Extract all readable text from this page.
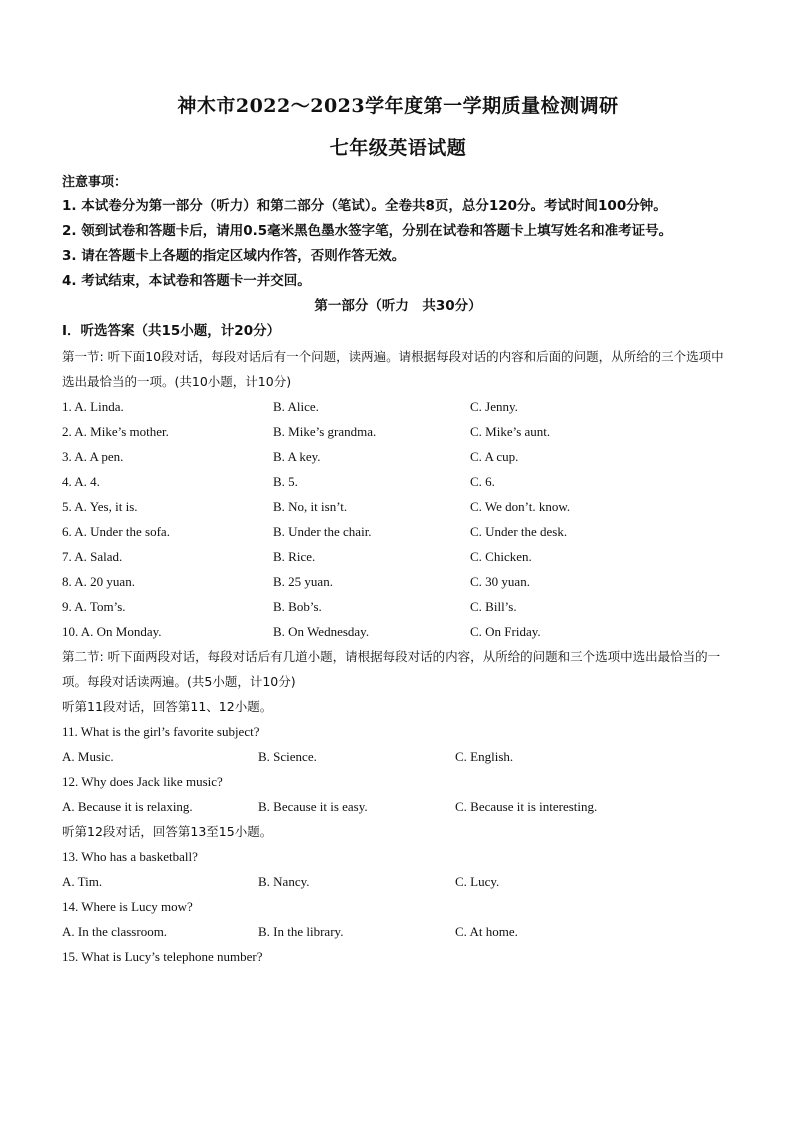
神木市2022～2023学年度第一学期质量检测调研
七年级英语试题
注意事项：
1. 本试卷分为第一部分（听力）和第二部分（笔试）。全卷共8页，总分120分。考试时间100分钟。
2. 领到试卷和答题卡后，请用0.5毫米黑色墨水签字笔，分别在试卷和答题卡上填写姓名和准考证号。
3. 请在答题卡上各题的指定区域内作答，否则作答无效。
4. 考试结束，本试卷和答题卡一并交回。
第一部分（听力　共30分）
Ⅰ．听选答案（共15小题，计20分）
第一节: 听下面10段对话，每段对话后有一个问题，读两遍。请根据每段对话的内容和后面的问题，从所给的三个选项中选出最恰当的一项。(共10小题，计10分)
1. A. Linda.	B. Alice.	C. Jenny.
2. A. Mike’s mother.	B. Mike’s grandma.	C. Mike’s aunt.
3. A. A pen.	B. A key.	C. A cup.
4. A. 4.	B. 5.	C. 6.
5. A. Yes, it is.	B. No, it isn’t.	C. We don’t. know.
6. A. Under the sofa.	B. Under the chair.	C. Under the desk.
7. A. Salad.	B. Rice.	C. Chicken.
8. A. 20 yuan.	B. 25 yuan.	C. 30 yuan.
9. A. Tom’s.	B. Bob’s.	C. Bill’s.
10. A. On Monday.	B. On Wednesday.	C. On Friday.
第二节: 听下面两段对话，每段对话后有几道小题，请根据每段对话的内容，从所给的问题和三个选项中选出最恰当的一项。每段对话读两遍。(共5小题，计10分)
听第11段对话，回答第11、12小题。
11. What is the girl’s favorite subject?
A. Music.	B. Science.	C. English.
12. Why does Jack like music?
A. Because it is relaxing.	B. Because it is easy.	C. Because it is interesting.
听第12段对话，回答第13至15小题。
13. Who has a basketball?
A. Tim.	B. Nancy.	C. Lucy.
14. Where is Lucy mow?
A. In the classroom.	B. In the library.	C. At home.
15. What is Lucy’s telephone number?
